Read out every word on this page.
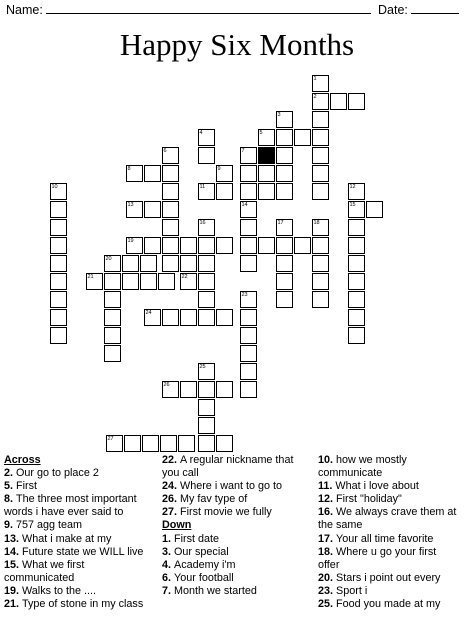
Name:	Date:
Happy Six Months
1
2
3
4	5
6	7
8	9
10	11	12
13	14	15
16	17	18
19
20
21	22
23
24
25
26
27
Across
2. Our go to place 2
5. First
8. The three most important
words i have ever said to
9. 757 agg team
13. What i make at my
14. Future state we WILL live
15. What we first
communicated
19. Walks to the ....
21. Type of stone in my class
22. A regular nickname that
you call
24. Where i want to go to
26. My fav type of
27. First movie we fully
Down
1. First date
3. Our special
4. Academy i'm
6. Your football
7. Month we started
10. how we mostly
communicate
11. What i love about
12. First "holiday"
16. We always crave them at
the same
17. Your all time favorite
18. Where u go your first
offer
20. Stars i point out every
23. Sport i
25. Food you made at my
